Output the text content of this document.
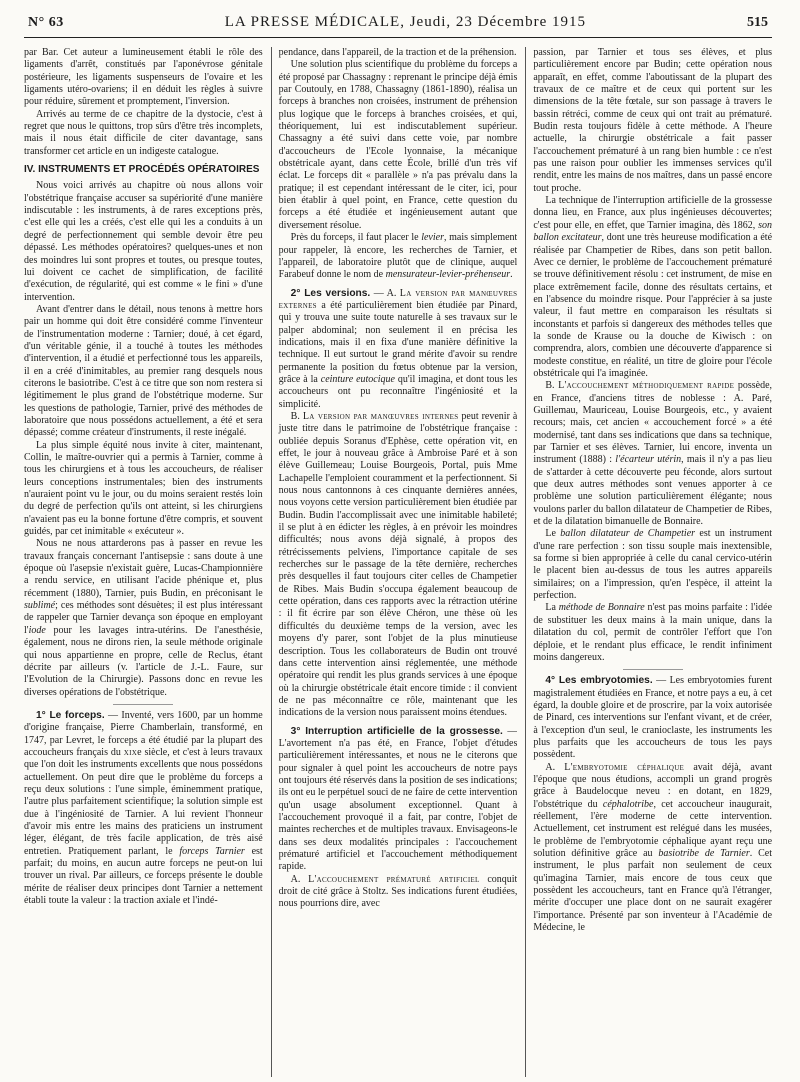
N° 63	LA PRESSE MÉDICALE, Jeudi, 23 Décembre 1915	515

par Bar. Cet auteur a lumineusement établi le rôle des ligaments d'arrêt, constitués par l'aponévrose génitale postérieure, les ligaments suspenseurs de l'ovaire et les ligaments utéro-ovariens; il en déduit les règles à suivre pour réduire, sûrement et promptement, l'inversion.

Arrivés au terme de ce chapitre de la dystocie, c'est à regret que nous le quittons, trop sûrs d'être très incomplets, mais il nous était difficile de citer davantage, sans transformer cet article en un indigeste catalogue.

IV. INSTRUMENTS ET PROCÉDÉS OPÉRATOIRES

Nous voici arrivés au chapitre où nous allons voir l'obstétrique française accuser sa supériorité d'une manière indiscutable : les instruments, à de rares exceptions près, c'est elle qui les a créés, c'est elle qui les a conduits à un degré de perfectionnement qui semble devoir être peu dépassé. Les méthodes opératoires? quelques-unes et non des moindres lui sont propres et toutes, ou presque toutes, lui doivent ce cachet de simplification, de facilité d'exécution, de régularité, qui est comme « le fini » d'une intervention.

Avant d'entrer dans le détail, nous tenons à mettre hors pair un homme qui doit être considéré comme l'inventeur de l'instrumentation moderne : Tarnier; doué, à cet égard, d'un véritable génie, il a touché à toutes les méthodes d'intervention, il a étudié et perfectionné tous les appareils, il en a créé d'inimitables, au premier rang desquels nous citerons le basiotribe. C'est à ce titre que son nom restera si légitimement le plus grand de l'obstétrique moderne. Sur les questions de pathologie, Tarnier, privé des méthodes de laboratoire que nous possédons actuellement, a été et sera dépassé; comme créateur d'instruments, il reste inégalé.

La plus simple équité nous invite à citer, maintenant, Collin, le maître-ouvrier qui a permis à Tarnier, comme à tous les chirurgiens et à tous les accoucheurs, de réaliser leurs conceptions instrumentales; bien des instruments n'auraient point vu le jour, ou du moins seraient restés loin du degré de perfection qu'ils ont atteint, si les chirurgiens n'avaient pas eu la bonne fortune d'être compris, et souvent guidés, par cet inimitable « exécuteur ».

Nous ne nous attarderons pas à passer en revue les travaux français concernant l'antisepsie : sans doute à une époque où l'asepsie n'existait guère, Lucas-Championnière a rendu service, en utilisant l'acide phénique et, plus récemment (1880), Tarnier, puis Budin, en préconisant le sublimé; ces méthodes sont désuètes; il est plus intéressant de rappeler que Tarnier devança son époque en employant l'iode pour les lavages intra-utérins. De l'anesthésie, également, nous ne dirons rien, la seule méthode originale qui nous appartienne en propre, celle de Reclus, étant décrite par ailleurs (v. l'article de J.-L. Faure, sur l'Evolution de la Chirurgie). Passons donc en revue les diverses opérations de l'obstétrique.

1° Le forceps. — Inventé, vers 1600, par un homme d'origine française, Pierre Chamberlain, transformé, en 1747, par Levret, le forceps a été étudié par la plupart des accoucheurs français du xixe siècle, et c'est à leurs travaux que l'on doit les instruments excellents que nous possédons actuellement. On peut dire que le problème du forceps a reçu deux solutions : l'une simple, éminemment pratique, l'autre plus parfaitement scientifique; la solution simple est due à l'ingéniosité de Tarnier. A lui revient l'honneur d'avoir mis entre les mains des praticiens un instrument léger, élégant, de très facile application, de très aisé entretien. Pratiquement parlant, le forceps Tarnier est parfait; du moins, en aucun autre forceps ne peut-on lui trouver un rival. Par ailleurs, ce forceps présente le double mérite de réaliser deux principes dont Tarnier a nettement établi toute la valeur : la traction axiale et l'indé-

pendance, dans l'appareil, de la traction et de la préhension.

Une solution plus scientifique du problème du forceps a été proposé par Chassagny : reprenant le principe déjà émis par Coutouly, en 1788, Chassagny (1861-1890), réalisa un forceps à branches non croisées, instrument de préhension plus logique que le forceps à branches croisées, et qui, théoriquement, lui est indiscutablement supérieur. Chassagny a été suivi dans cette voie, par nombre d'accoucheurs de l'Ecole lyonnaise, la mécanique obstétricale ayant, dans cette École, brillé d'un très vif éclat. Le forceps dit « parallèle » n'a pas prévalu dans la pratique; il est cependant intéressant de le citer, ici, pour bien établir à quel point, en France, cette question du forceps a été étudiée et ingénieusement autant que diversement résolue.

Près du forceps, il faut placer le levier, mais simplement pour rappeler, là encore, les recherches de Tarnier, et l'appareil, de laboratoire plutôt que de clinique, auquel Farabeuf donne le nom de mensurateur-levier-préhenseur.

2° Les versions. — A. La version par manœuvres externes a été particulièrement bien étudiée par Pinard, qui y trouva une suite toute naturelle à ses travaux sur le palper abdominal; non seulement il en précisa les indications, mais il en fixa d'une manière définitive la technique. Il eut surtout le grand mérite d'avoir su rendre permanente la position du fœtus obtenue par la version, grâce à la ceinture eutocique qu'il imagina, et dont tous les accoucheurs ont pu reconnaître l'ingéniosité et la simplicité.

B. La version par manœuvres internes peut revenir à juste titre dans le patrimoine de l'obstétrique française : oubliée depuis Soranus d'Ephèse, cette opération vit, en effet, le jour à nouveau grâce à Ambroise Paré et à son élève Guillemeau; Louise Bourgeois, Portal, puis Mme Lachapelle l'emploient couramment et la perfectionnent. Si nous nous cantonnons à ces cinquante dernières années, nous voyons cette version particulièrement bien étudiée par Budin. Budin l'accomplissait avec une inimitable habileté; il se plut à en édicter les règles, à en prévoir les moindres difficultés; nous avons déjà signalé, à propos des rétrécissements pelviens, l'importance capitale de ses recherches sur le passage de la tête dernière, recherches près desquelles il faut toujours citer celles de Champetier de Ribes. Mais Budin s'occupa également beaucoup de cette opération, dans ces rapports avec la rétraction utérine : il fit écrire par son élève Chéron, une thèse où les difficultés du deuxième temps de la version, avec les moyens d'y parer, sont l'objet de la plus minutieuse description. Tous les collaborateurs de Budin ont trouvé dans cette intervention ainsi réglementée, une méthode opératoire qui rendit les plus grands services à une époque où la chirurgie obstétricale était encore timide : il convient de ne pas méconnaître ce rôle, maintenant que les indications de la version nous paraissent moins étendues.

3° Interruption artificielle de la grossesse. — L'avortement n'a pas été, en France, l'objet d'études particulièrement intéressantes, et nous ne le citerons que pour signaler à quel point les accoucheurs de notre pays ont toujours été réservés dans la position de ses indications; ils ont eu le perpétuel souci de ne faire de cette intervention qu'un usage absolument exceptionnel. Quant à l'accouchement provoqué il a fait, par contre, l'objet de maintes recherches et de multiples travaux. Envisageons-le dans ses deux modalités principales : l'accouchement prématuré artificiel et l'accouchement méthodiquement rapide.

A. L'accouchement prématuré artificiel conquit droit de cité grâce à Stoltz. Ses indications furent étudiées, nous pourrions dire, avec

passion, par Tarnier et tous ses élèves, et plus particulièrement encore par Budin; cette opération nous apparaît, en effet, comme l'aboutissant de la plupart des travaux de ce maître et de ceux qui portent sur les dimensions de la tête fœtale, sur son passage à travers le bassin rétréci, comme de ceux qui ont trait au prématuré. Budin resta toujours fidèle à cette méthode. A l'heure actuelle, la chirurgie obstétricale a fait passer l'accouchement prématuré à un rang bien humble : ce n'est pas une raison pour oublier les immenses services qu'il rendit, entre les mains de nos maîtres, dans un passé encore tout proche.

La technique de l'interruption artificielle de la grossesse donna lieu, en France, aux plus ingénieuses découvertes; c'est pour elle, en effet, que Tarnier imagina, dès 1862, son ballon excitateur, dont une très heureuse modification a été réalisée par Champetier de Ribes, dans son petit ballon. Avec ce dernier, le problème de l'accouchement prématuré se trouve définitivement résolu : cet instrument, de mise en place extrêmement facile, donne des résultats certains, et en l'absence du moindre risque. Pour l'apprécier à sa juste valeur, il faut mettre en comparaison les résultats si inconstants et parfois si dangereux des méthodes telles que la sonde de Krause ou la douche de Kiwisch : on comprendra, alors, combien une découverte d'apparence si modeste constitue, en réalité, un titre de gloire pour l'école obstétricale qui l'a imaginée.

B. L'accouchement méthodiquement rapide possède, en France, d'anciens titres de noblesse : A. Paré, Guillemau, Mauriceau, Louise Bourgeois, etc., y avaient recours; mais, cet ancien « accouchement forcé » a été modernisé, tant dans ses indications que dans sa technique, par Tarnier et ses élèves. Tarnier, lui encore, inventa un instrument (1888) : l'écarteur utérin, mais il n'y a pas lieu de s'attarder à cette découverte peu féconde, alors surtout que deux autres méthodes sont venues apporter à ce problème une solution particulièrement élégante; nous voulons parler du ballon dilatateur de Champetier de Ribes, et de la dilatation bimanuelle de Bonnaire.

Le ballon dilatateur de Champetier est un instrument d'une rare perfection : son tissu souple mais inextensible, sa forme si bien appropriée à celle du canal cervico-utérin le placent bien au-dessus de tous les autres appareils similaires; on a l'impression, qu'en l'espèce, il atteint la perfection.

La méthode de Bonnaire n'est pas moins parfaite : l'idée de substituer les deux mains à la main unique, dans la dilatation du col, permit de contrôler l'effort que l'on déploie, et le rendant plus efficace, le rendit infiniment moins dangereux.

4° Les embryotomies. — Les embryotomies furent magistralement étudiées en France, et notre pays a eu, à cet égard, la double gloire et de proscrire, par la voix autorisée de Pinard, ces interventions sur l'enfant vivant, et de créer, à l'exception d'un seul, le cranioclaste, les instruments les plus parfaits que les accoucheurs de tous les pays possèdent.

A. L'embryotomie céphalique avait déjà, avant l'époque que nous étudions, accompli un grand progrès grâce à Baudelocque neveu : en dotant, en 1829, l'obstétrique du céphalotribe, cet accoucheur inaugurait, réellement, l'ère moderne de cette intervention. Actuellement, cet instrument est relégué dans les musées, le problème de l'embryotomie céphalique ayant reçu une solution définitive grâce au basiotribe de Tarnier. Cet instrument, le plus parfait non seulement de ceux qu'imagina Tarnier, mais encore de tous ceux que possèdent les accoucheurs, tant en France qu'à l'étranger, mérite d'occuper une place dont on ne saurait exagérer l'importance. Présenté par son inventeur à l'Académie de Médecine, le
